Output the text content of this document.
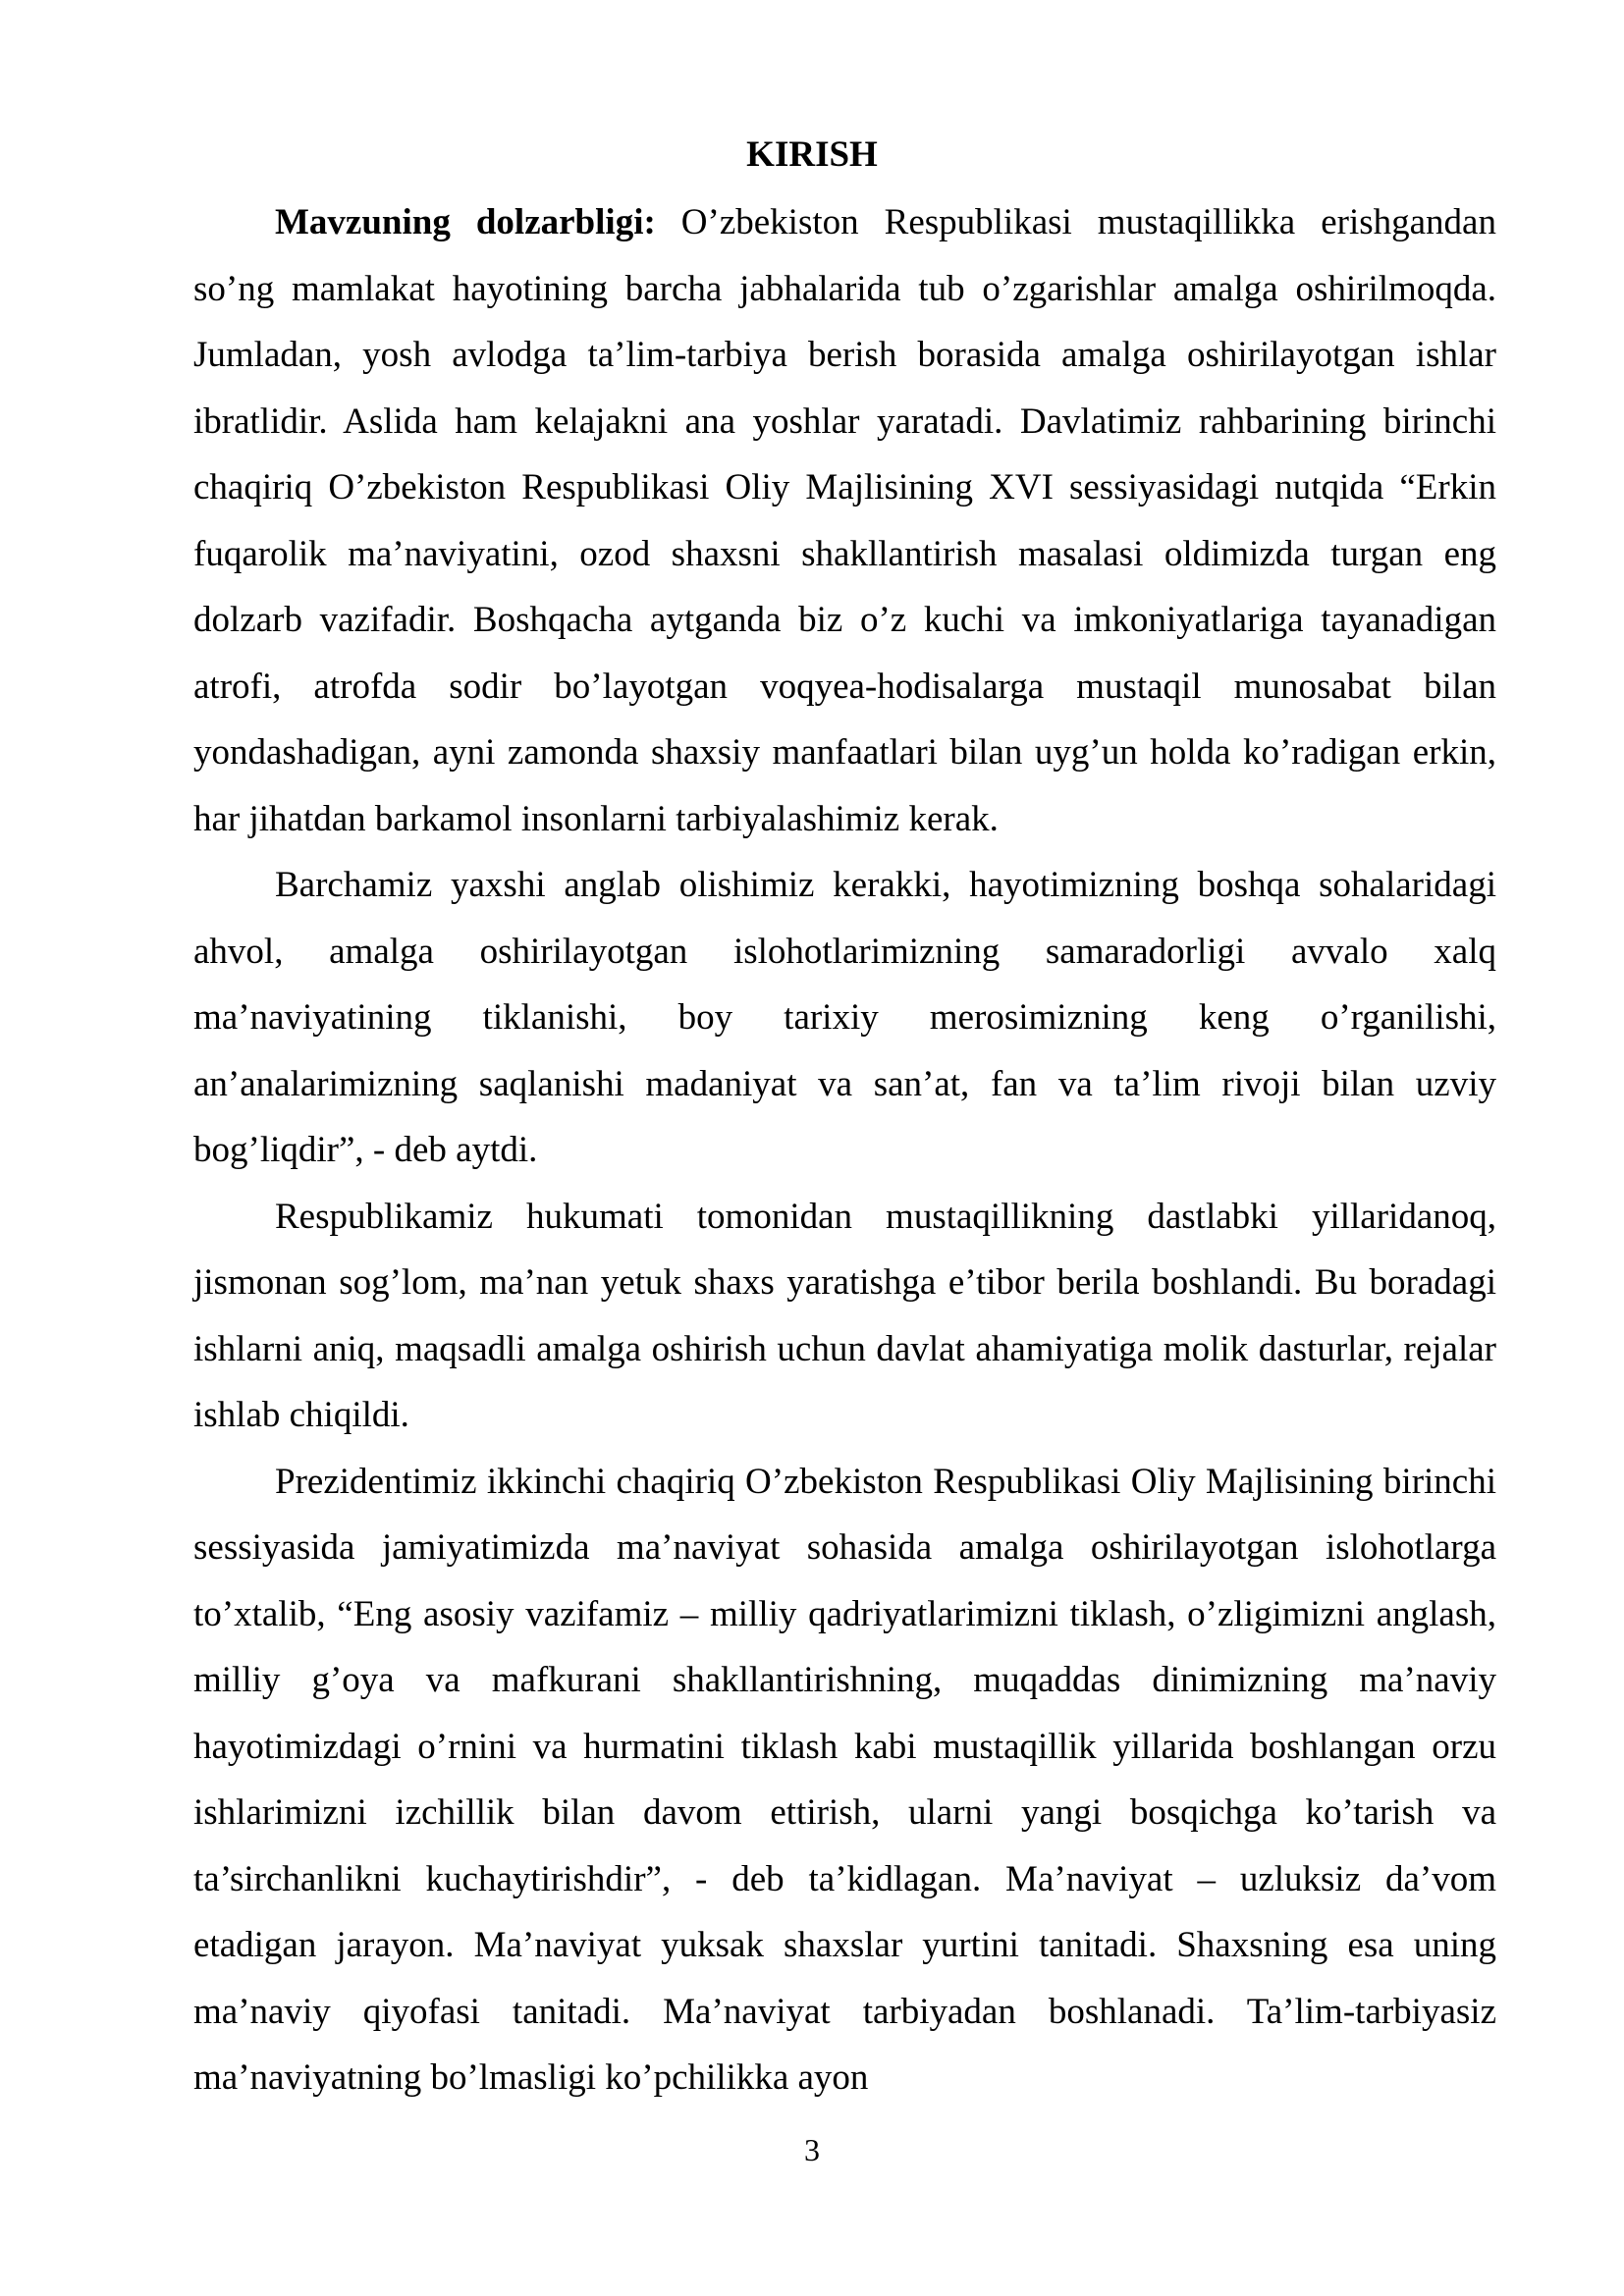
KIRISH

Mavzuning dolzarbligi: O’zbekiston Respublikasi mustaqillikka erishgandan so’ng mamlakat hayotining barcha jabhalarida tub o’zgarishlar amalga oshirilmoqda. Jumladan, yosh avlodga ta’lim-tarbiya berish borasida amalga oshirilayotgan ishlar ibratlidir. Aslida ham kelajakni ana yoshlar yaratadi. Davlatimiz rahbarining birinchi chaqiriq O’zbekiston Respublikasi Oliy Majlisining XVI sessiyasidagi nutqida “Erkin fuqarolik ma’naviyatini, ozod shaxsni shakllantirish masalasi oldimizda turgan eng dolzarb vazifadir. Boshqacha aytganda biz o’z kuchi va imkoniyatlariga tayanadigan atrofi, atrofda sodir bo’layotgan voqyea-hodisalarga mustaqil munosabat bilan yondashadigan, ayni zamonda shaxsiy manfaatlari bilan uyg’un holda ko’radigan erkin, har jihatdan barkamol insonlarni tarbiyalashimiz kerak.

Barchamiz yaxshi anglab olishimiz kerakki, hayotimizning boshqa sohalaridagi ahvol, amalga oshirilayotgan islohotlarimizning samaradorligi avvalo xalq ma’naviyatining tiklanishi, boy tarixiy merosimizning keng o’rganilishi, an’analarimizning saqlanishi madaniyat va san’at, fan va ta’lim rivoji bilan uzviy bog’liqdir”, - deb aytdi.

Respublikamiz hukumati tomonidan mustaqillikning dastlabki yillaridanoq, jismonan sog’lom, ma’nan yetuk shaxs yaratishga e’tibor berila boshlandi. Bu boradagi ishlarni aniq, maqsadli amalga oshirish uchun davlat ahamiyatiga molik dasturlar, rejalar ishlab chiqildi.

Prezidentimiz ikkinchi chaqiriq O’zbekiston Respublikasi Oliy Majlisining birinchi sessiyasida jamiyatimizda ma’naviyat sohasida amalga oshirilayotgan islohotlarga to’xtalib, “Eng asosiy vazifamiz – milliy qadriyatlarimizni tiklash, o’zligimizni anglash, milliy g’oya va mafkurani shakllantirishning, muqaddas dinimizning ma’naviy hayotimizdagi o’rnini va hurmatini tiklash kabi mustaqillik yillarida boshlangan orzu ishlarimizni izchillik bilan davom ettirish, ularni yangi bosqichga ko’tarish va ta’sirchanlikni kuchaytirishdir”, - deb ta’kidlagan. Ma’naviyat – uzluksiz da’vom etadigan jarayon. Ma’naviyat yuksak shaxslar yurtini tanitadi. Shaxsning esa uning ma’naviy qiyofasi tanitadi. Ma’naviyat tarbiyadan boshlanadi. Ta’lim-tarbiyasiz ma’naviyatning bo’lmasligi ko’pchilikka ayon

3
